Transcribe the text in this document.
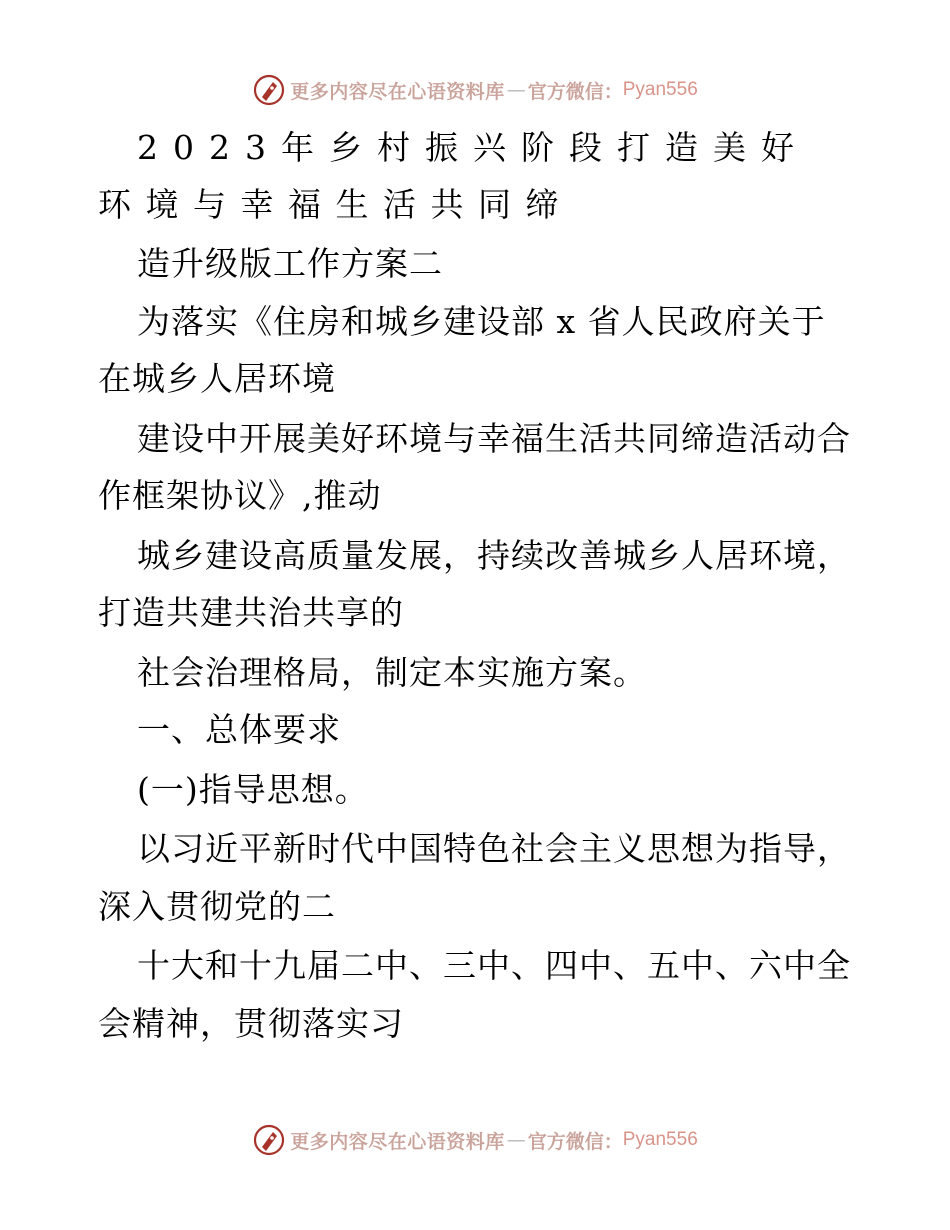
更多内容尽在心语资料库 — 官方微信： Pyan556
2023年乡村振兴阶段打造美好
环境与幸福生活共同缔
造升级版工作方案二
为落实《住房和城乡建设部 x 省人民政府关于
在城乡人居环境
建设中开展美好环境与幸福生活共同缔造活动合
作框架协议》,推动
城乡建设高质量发展，持续改善城乡人居环境，
打造共建共治共享的
社会治理格局，制定本实施方案。
一、总体要求
(一)指导思想。
以习近平新时代中国特色社会主义思想为指导，
深入贯彻党的二
十大和十九届二中、三中、四中、五中、六中全
会精神，贯彻落实习
更多内容尽在心语资料库 — 官方微信： Pyan556
